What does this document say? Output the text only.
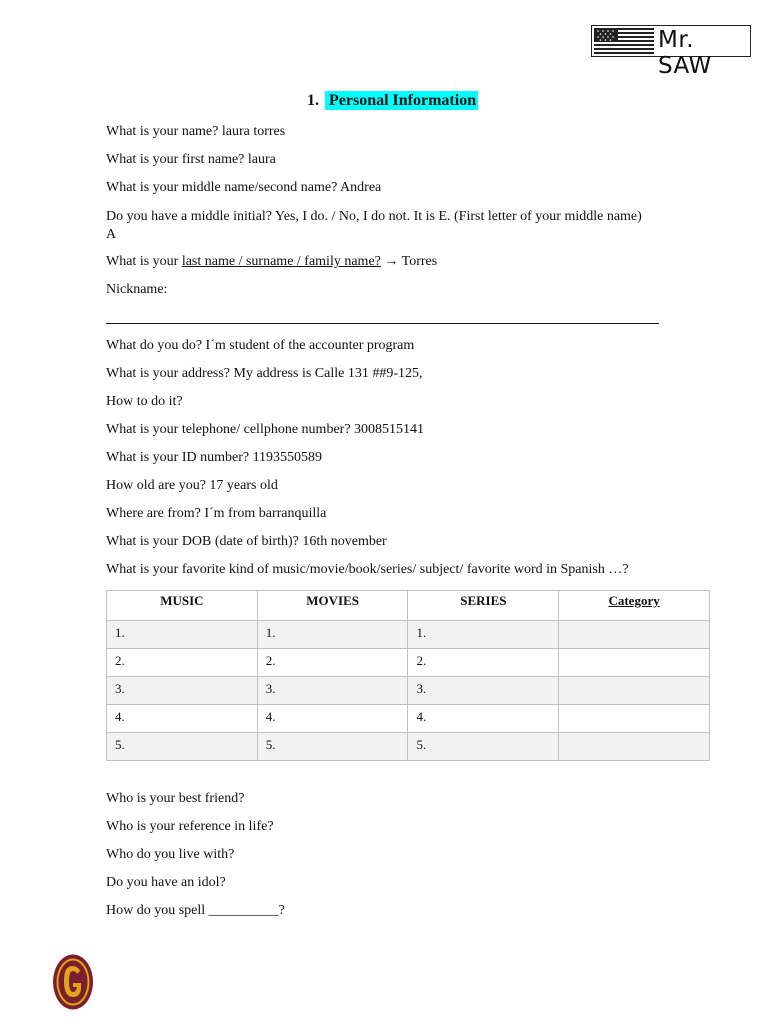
Mr. SAW
1. Personal Information
What is your name? laura torres
What is your first name? laura
What is your middle name/second name? Andrea
Do you have a middle initial? Yes, I do. / No, I do not. It is E. (First letter of your middle name)
A
What is your last name / surname / family name? → Torres
Nickname:
What do you do? I´m student of the accounter program
What is your address? My address is Calle 131 ##9-125,
How to do it?
What is your telephone/ cellphone number? 3008515141
What is your ID number? 1193550589
How old are you? 17 years old
Where are from? I´m from barranquilla
What is your DOB (date of birth)? 16th november
What is your favorite kind of music/movie/book/series/ subject/ favorite word in Spanish …?
MUSIC	MOVIES	SERIES	Category
1.	1.	1.	
2.	2.	2.	
3.	3.	3.	
4.	4.	4.	
5.	5.	5.	
Who is your best friend?
Who is your reference in life?
Who do you live with?
Do you have an idol?
How do you spell __________?
